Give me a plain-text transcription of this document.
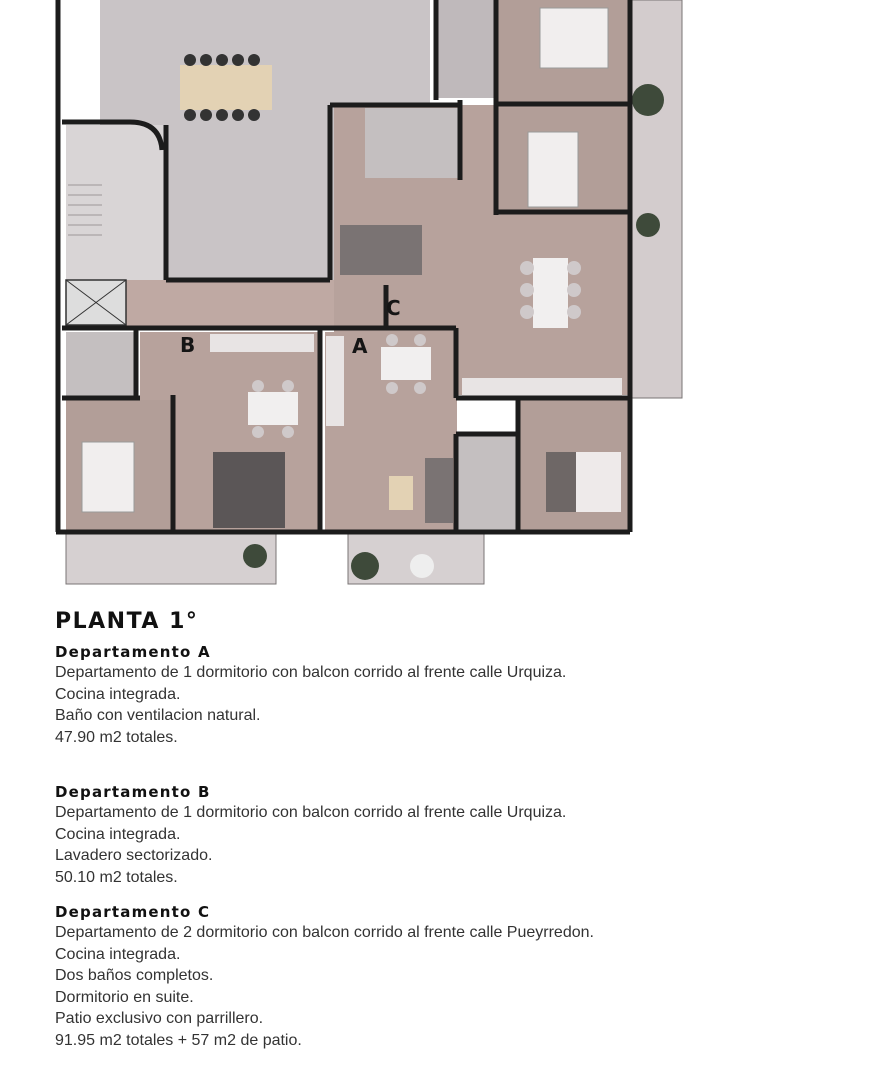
C
B	A
PLANTA 1°
Departamento A

Departamento de 1 dormitorio con balcon corrido al frente calle Urquiza.

Cocina integrada.

Baño con ventilacion natural.

47.90 m2 totales.

Departamento B

Departamento de 1 dormitorio con balcon corrido al frente calle Urquiza.

Cocina integrada.

Lavadero sectorizado.

50.10 m2 totales.

Departamento C

Departamento de 2 dormitorio con balcon corrido al frente calle Pueyrredon.

Cocina integrada.

Dos baños completos.

Dormitorio en suite.

Patio exclusivo con parrillero.

91.95 m2 totales + 57 m2 de patio.
